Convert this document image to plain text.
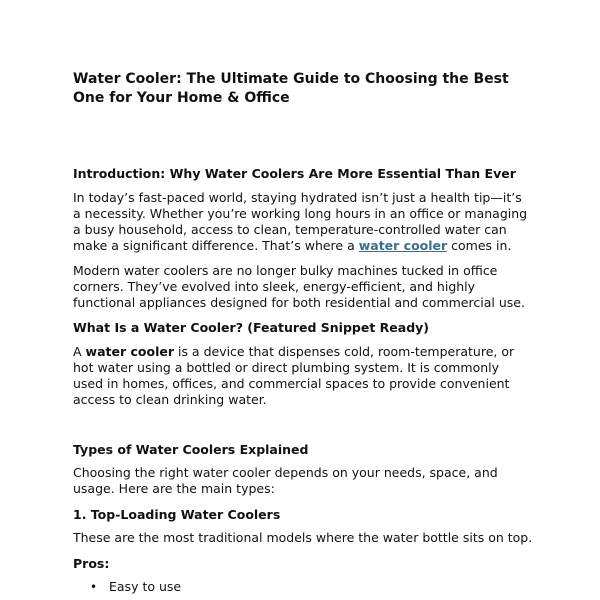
Water Cooler: The Ultimate Guide to Choosing the Best One for Your Home & Office
Introduction: Why Water Coolers Are More Essential Than Ever

In today’s fast-paced world, staying hydrated isn’t just a health tip—it’s a necessity. Whether you’re working long hours in an office or managing a busy household, access to clean, temperature-controlled water can make a significant difference. That’s where a water cooler comes in.

Modern water coolers are no longer bulky machines tucked in office corners. They’ve evolved into sleek, energy-efficient, and highly functional appliances designed for both residential and commercial use.

What Is a Water Cooler? (Featured Snippet Ready)

A water cooler is a device that dispenses cold, room-temperature, or hot water using a bottled or direct plumbing system. It is commonly used in homes, offices, and commercial spaces to provide convenient access to clean drinking water.

Types of Water Coolers Explained

Choosing the right water cooler depends on your needs, space, and usage. Here are the main types:

1. Top-Loading Water Coolers

These are the most traditional models where the water bottle sits on top.

Pros:

• Easy to use
